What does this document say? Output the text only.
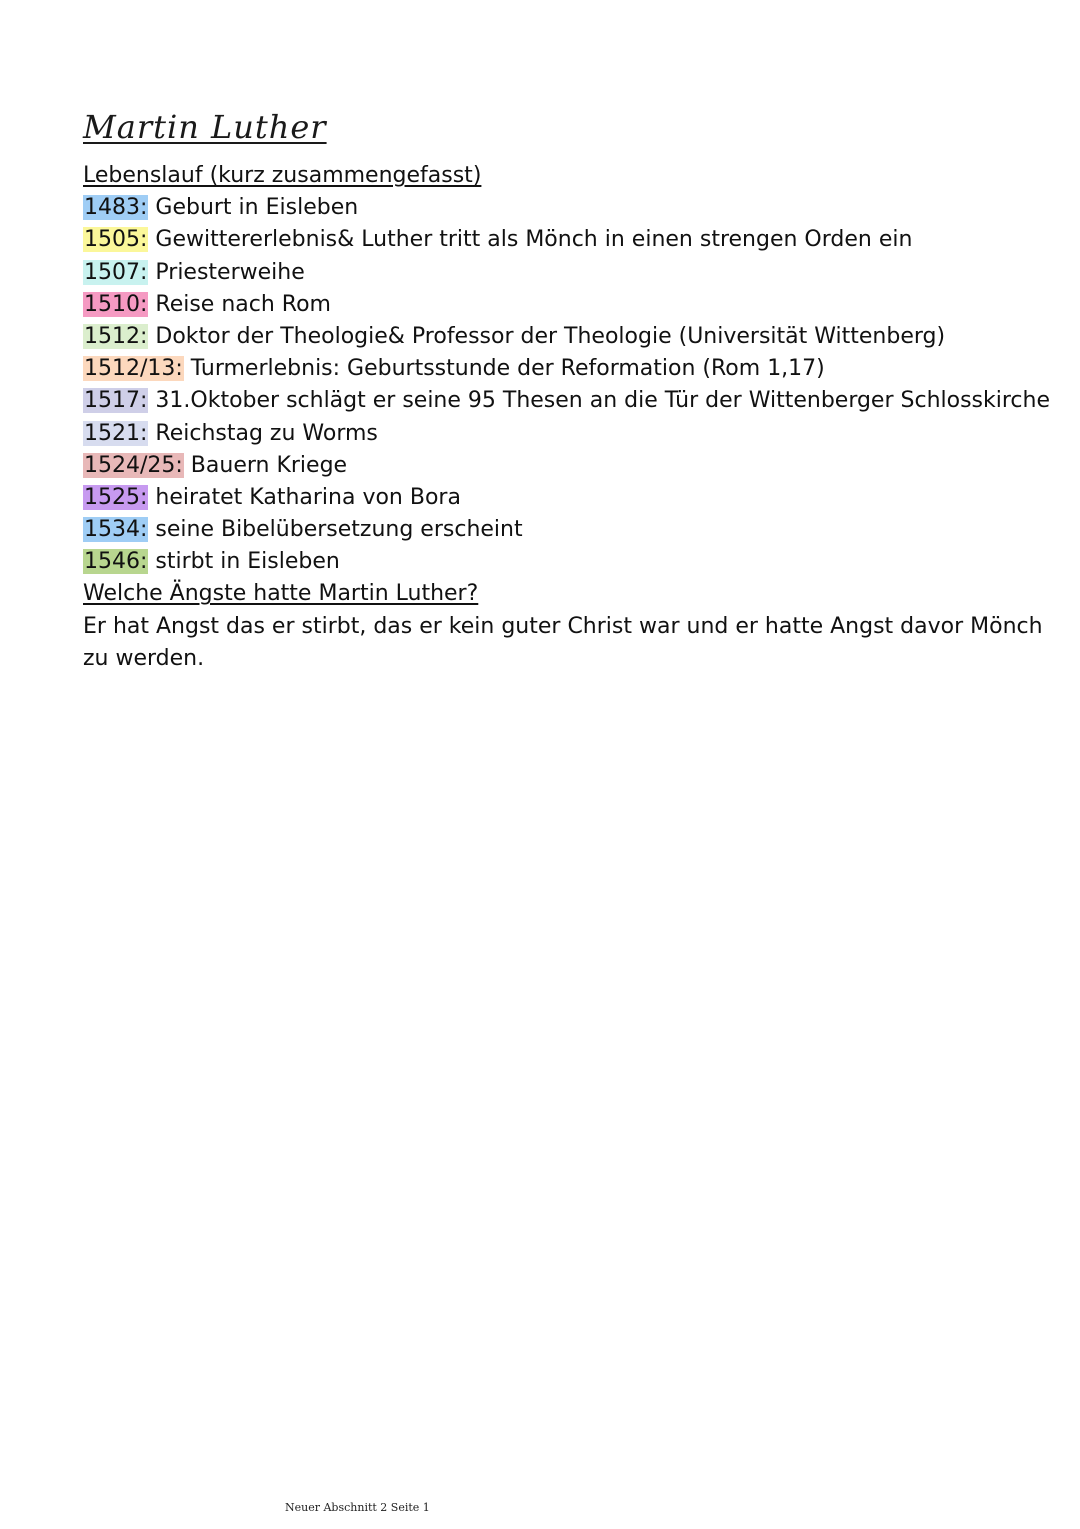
Martin Luther
Lebenslauf (kurz zusammengefasst)
1483: Geburt in Eisleben
1505: Gewittererlebnis& Luther tritt als Mönch in einen strengen Orden ein
1507: Priesterweihe
1510: Reise nach Rom
1512: Doktor der Theologie& Professor der Theologie (Universität Wittenberg)
1512/13: Turmerlebnis: Geburtsstunde der Reformation (Rom 1,17)
1517: 31.Oktober schlägt er seine 95 Thesen an die Tür der Wittenberger Schlosskirche
1521: Reichstag zu Worms
1524/25: Bauern Kriege
1525: heiratet Katharina von Bora
1534: seine Bibelübersetzung erscheint
1546: stirbt in Eisleben
Welche Ängste hatte Martin Luther?
Er hat Angst das er stirbt, das er kein guter Christ war und er hatte Angst davor Mönch zu werden.
Neuer Abschnitt 2 Seite 1
